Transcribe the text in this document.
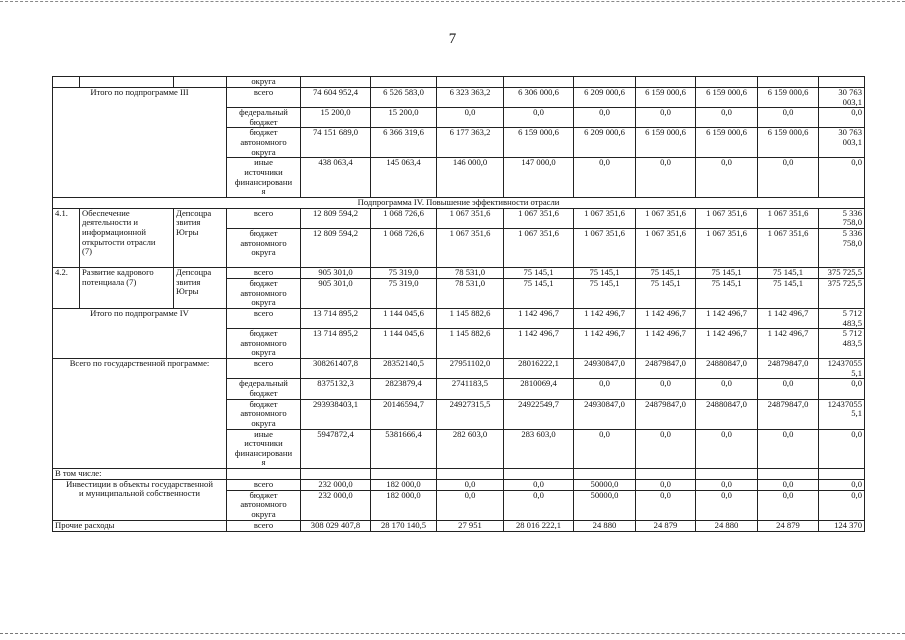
7
			округа									
Итого по подпрограмме III			всего	74 604 952,4	6 526 583,0	6 323 363,2	6 306 000,6	6 209 000,6	6 159 000,6	6 159 000,6	6 159 000,6	30 763
003,1
			федеральный
бюджет	15 200,0	15 200,0	0,0	0,0	0,0	0,0	0,0	0,0	0,0
			бюджет
автономного
округа	74 151 689,0	6 366 319,6	6 177 363,2	6 159 000,6	6 209 000,6	6 159 000,6	6 159 000,6	6 159 000,6	30 763
003,1
			иные
источники
финансировани
я	438 063,4	145 063,4	146 000,0	147 000,0	0,0	0,0	0,0	0,0	0,0
Подпрограмма IV. Повышение эффективности отрасли												
4.1.	Обеспечение
деятельности и
информационной
открытости отрасли
(7)	Депсоцра
звития
Югры	всего	12 809 594,2	1 068 726,6	1 067 351,6	1 067 351,6	1 067 351,6	1 067 351,6	1 067 351,6	1 067 351,6	5 336
758,0
			бюджет
автономного
округа	12 809 594,2	1 068 726,6	1 067 351,6	1 067 351,6	1 067 351,6	1 067 351,6	1 067 351,6	1 067 351,6	5 336
758,0
4.2.	Развитие кадрового
потенциала (7)	Депсоцра
звития
Югры	всего	905 301,0	75 319,0	78 531,0	75 145,1	75 145,1	75 145,1	75 145,1	75 145,1	375 725,5
			бюджет
автономного
округа	905 301,0	75 319,0	78 531,0	75 145,1	75 145,1	75 145,1	75 145,1	75 145,1	375 725,5
Итого по подпрограмме IV			всего	13 714 895,2	1 144 045,6	1 145 882,6	1 142 496,7	1 142 496,7	1 142 496,7	1 142 496,7	1 142 496,7	5 712
483,5
			бюджет
автономного
округа	13 714 895,2	1 144 045,6	1 145 882,6	1 142 496,7	1 142 496,7	1 142 496,7	1 142 496,7	1 142 496,7	5 712
483,5
Всего по государственной программе:			всего	308261407,8	28352140,5	27951102,0	28016222,1	24930847,0	24879847,0	24880847,0	24879847,0	12437055
5,1
			федеральный
бюджет	8375132,3	2823879,4	2741183,5	2810069,4	0,0	0,0	0,0	0,0	0,0
			бюджет
автономного
округа	293938403,1	20146594,7	24927315,5	24922549,7	24930847,0	24879847,0	24880847,0	24879847,0	12437055
5,1
			иные
источники
финансировани
я	5947872,4	5381666,4	282 603,0	283 603,0	0,0	0,0	0,0	0,0	0,0
В том числе:												
Инвестиции в объекты государственной
и муниципальной собственности			всего	232 000,0	182 000,0	0,0	0,0	50000,0	0,0	0,0	0,0	0,0
			бюджет
автономного
округа	232 000,0	182 000,0	0,0	0,0	50000,0	0,0	0,0	0,0	0,0
Прочие расходы			всего	308 029 407,8	28 170 140,5	27 951	28 016 222,1	24 880	24 879	24 880	24 879	124 370
